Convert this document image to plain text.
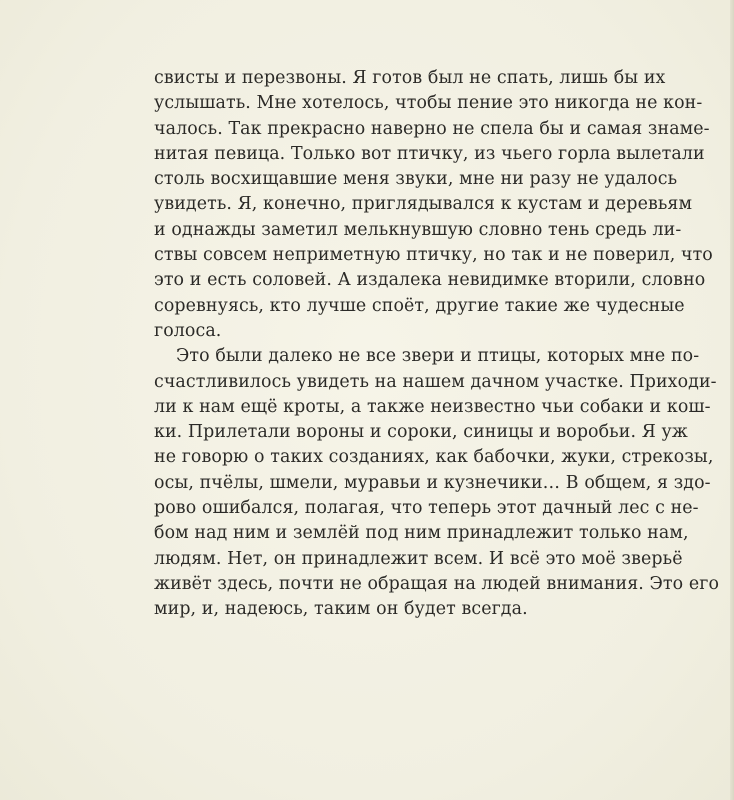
свисты и перезвоны. Я готов был не спать, лишь бы их
услышать. Мне хотелось, чтобы пение это никогда не кон-
чалось. Так прекрасно наверно не спела бы и самая знаме-
нитая певица. Только вот птичку, из чьего горла вылетали
столь восхищавшие меня звуки, мне ни разу не удалось
увидеть. Я, конечно, приглядывался к кустам и деревьям
и однажды заметил мелькнувшую словно тень средь ли-
ствы совсем неприметную птичку, но так и не поверил, что
это и есть соловей. А издалека невидимке вторили, словно
соревнуясь, кто лучше споёт, другие такие же чудесные
голоса.
Это были далеко не все звери и птицы, которых мне по-
счастливилось увидеть на нашем дачном участке. Приходи-
ли к нам ещё кроты, а также неизвестно чьи собаки и кош-
ки. Прилетали вороны и сороки, синицы и воробьи. Я уж
не говорю о таких созданиях, как бабочки, жуки, стрекозы,
осы, пчёлы, шмели, муравьи и кузнечики… В общем, я здо-
рово ошибался, полагая, что теперь этот дачный лес с не-
бом над ним и землёй под ним принадлежит только нам,
людям. Нет, он принадлежит всем. И всё это моё зверьё
живёт здесь, почти не обращая на людей внимания. Это его
мир, и, надеюсь, таким он будет всегда.
